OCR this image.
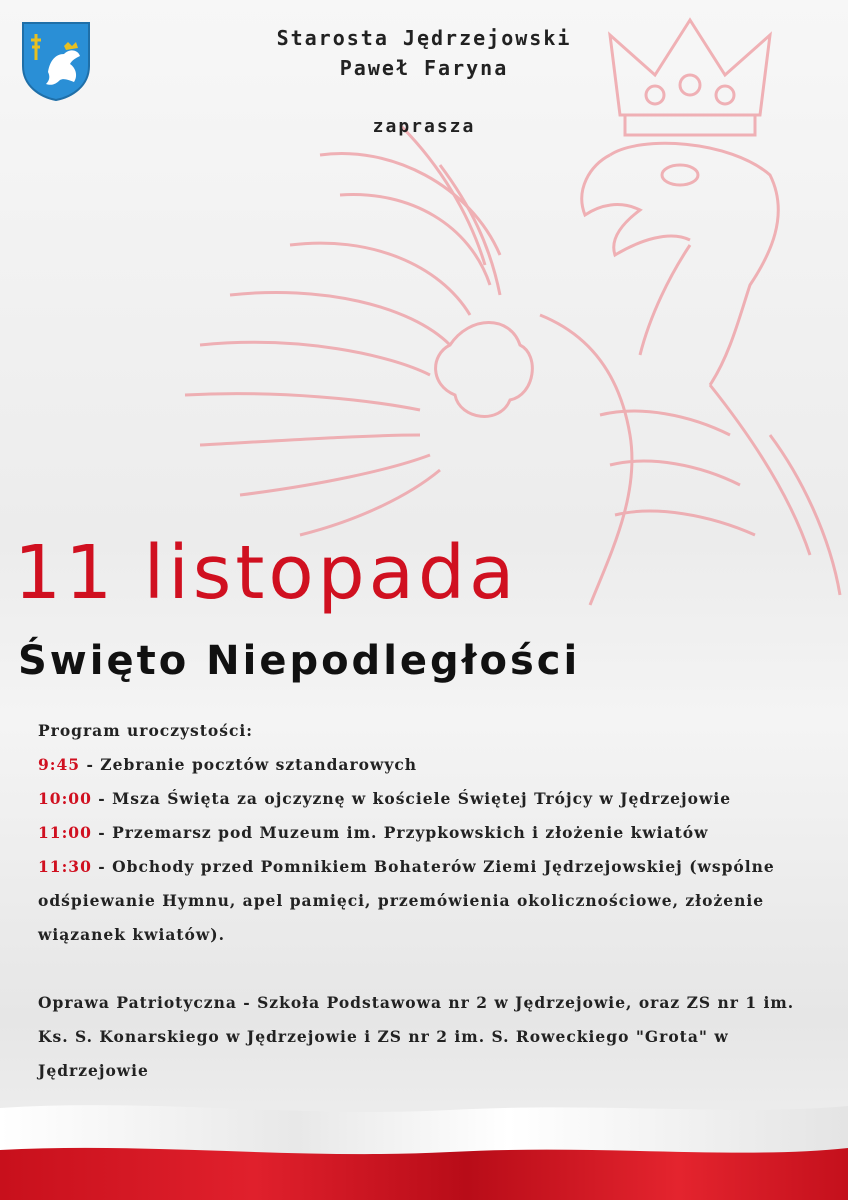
Starosta Jędrzejowski
Paweł Faryna
zaprasza
11 listopada
Święto Niepodległości

Program uroczystości:

9:45 - Zebranie pocztów sztandarowych

10:00 - Msza Święta za ojczyznę w kościele Świętej Trójcy w Jędrzejowie

11:00 - Przemarsz pod Muzeum im. Przypkowskich i złożenie kwiatów

11:30 - Obchody przed Pomnikiem Bohaterów Ziemi Jędrzejowskiej (wspólne odśpiewanie Hymnu, apel pamięci, przemówienia okolicznościowe, złożenie wiązanek kwiatów).

Oprawa Patriotyczna - Szkoła Podstawowa nr 2 w Jędrzejowie, oraz ZS nr 1 im. Ks. S. Konarskiego w Jędrzejowie i ZS nr 2 im. S. Roweckiego "Grota" w Jędrzejowie
